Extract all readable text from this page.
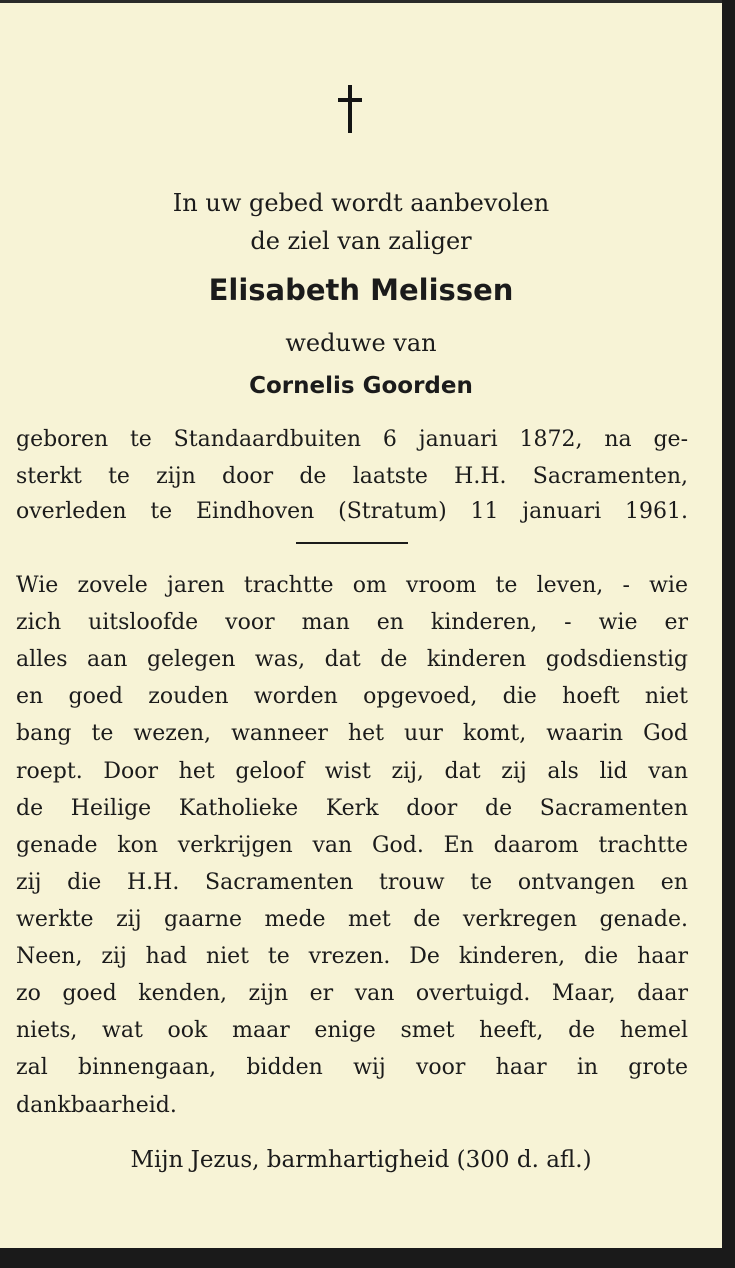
In uw gebed wordt aanbevolen
de ziel van zaliger
Elisabeth Melissen
weduwe van
Cornelis Goorden
geboren te Standaardbuiten 6 januari 1872, na ge-
sterkt te zijn door de laatste H.H. Sacramenten,
overleden te Eindhoven (Stratum) 11 januari 1961.
Wie zovele jaren trachtte om vroom te leven, - wie
zich uitsloofde voor man en kinderen, - wie er
alles aan gelegen was, dat de kinderen godsdienstig
en goed zouden worden opgevoed, die hoeft niet
bang te wezen, wanneer het uur komt, waarin God
roept. Door het geloof wist zij, dat zij als lid van
de Heilige Katholieke Kerk door de Sacramenten
genade kon verkrijgen van God. En daarom trachtte
zij die H.H. Sacramenten trouw te ontvangen en
werkte zij gaarne mede met de verkregen genade.
Neen, zij had niet te vrezen. De kinderen, die haar
zo goed kenden, zijn er van overtuigd. Maar, daar
niets, wat ook maar enige smet heeft, de hemel
zal binnengaan, bidden wij voor haar in grote
dankbaarheid.
Mijn Jezus, barmhartigheid (300 d. afl.)
